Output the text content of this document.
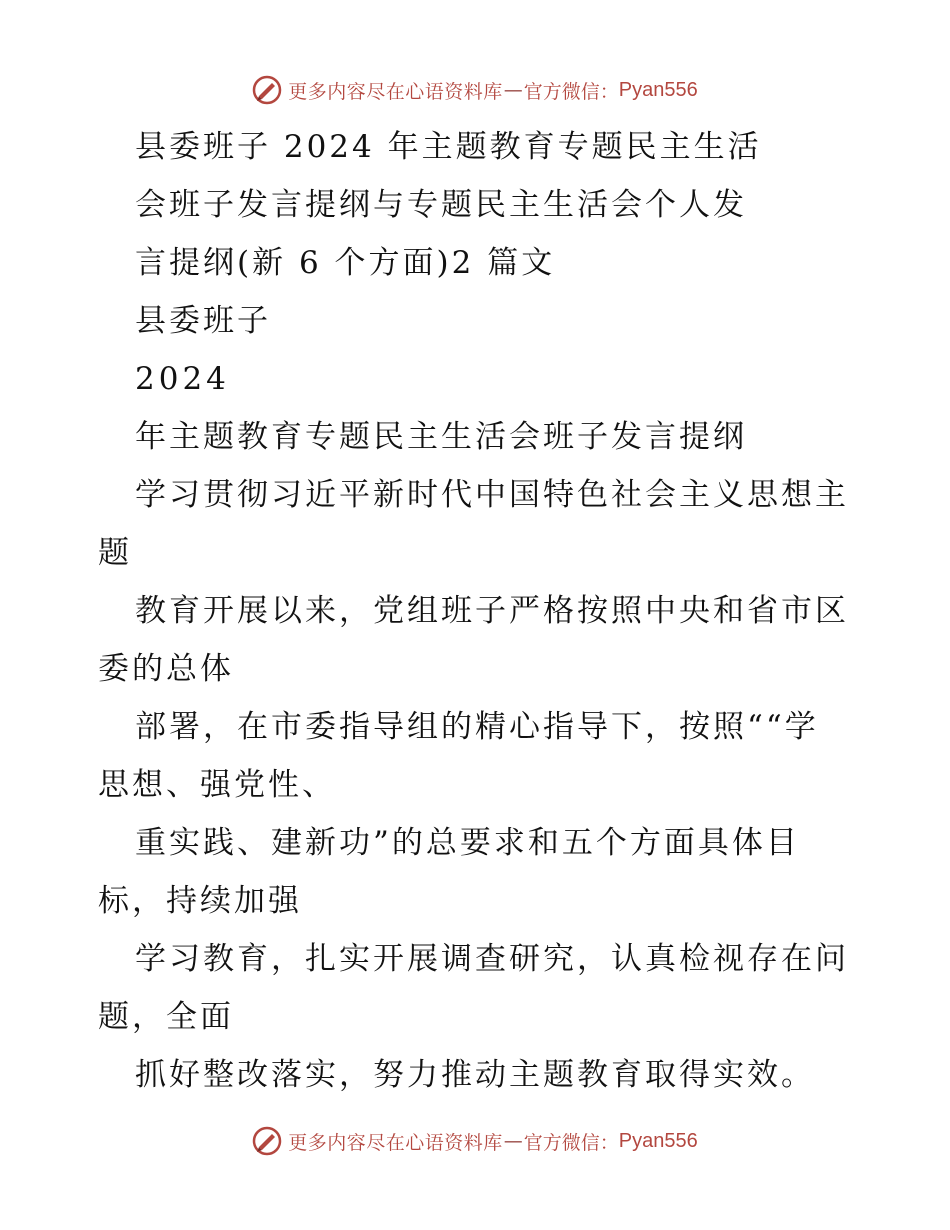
更多内容尽在心语资料库 — 官方微信： Pyan556

县委班子 2024 年主题教育专题民主生活

会班子发言提纲与专题民主生活会个人发

言提纲(新 6 个方面)2 篇文

县委班子

2024

年主题教育专题民主生活会班子发言提纲

学习贯彻习近平新时代中国特色社会主义思想主

题

教育开展以来，党组班子严格按照中央和省市区

委的总体

部署，在市委指导组的精心指导下，按照““学

思想、强党性、

重实践、建新功”的总要求和五个方面具体目

标，持续加强

学习教育，扎实开展调查研究，认真检视存在问

题，全面

抓好整改落实，努力推动主题教育取得实效。

更多内容尽在心语资料库 — 官方微信： Pyan556
